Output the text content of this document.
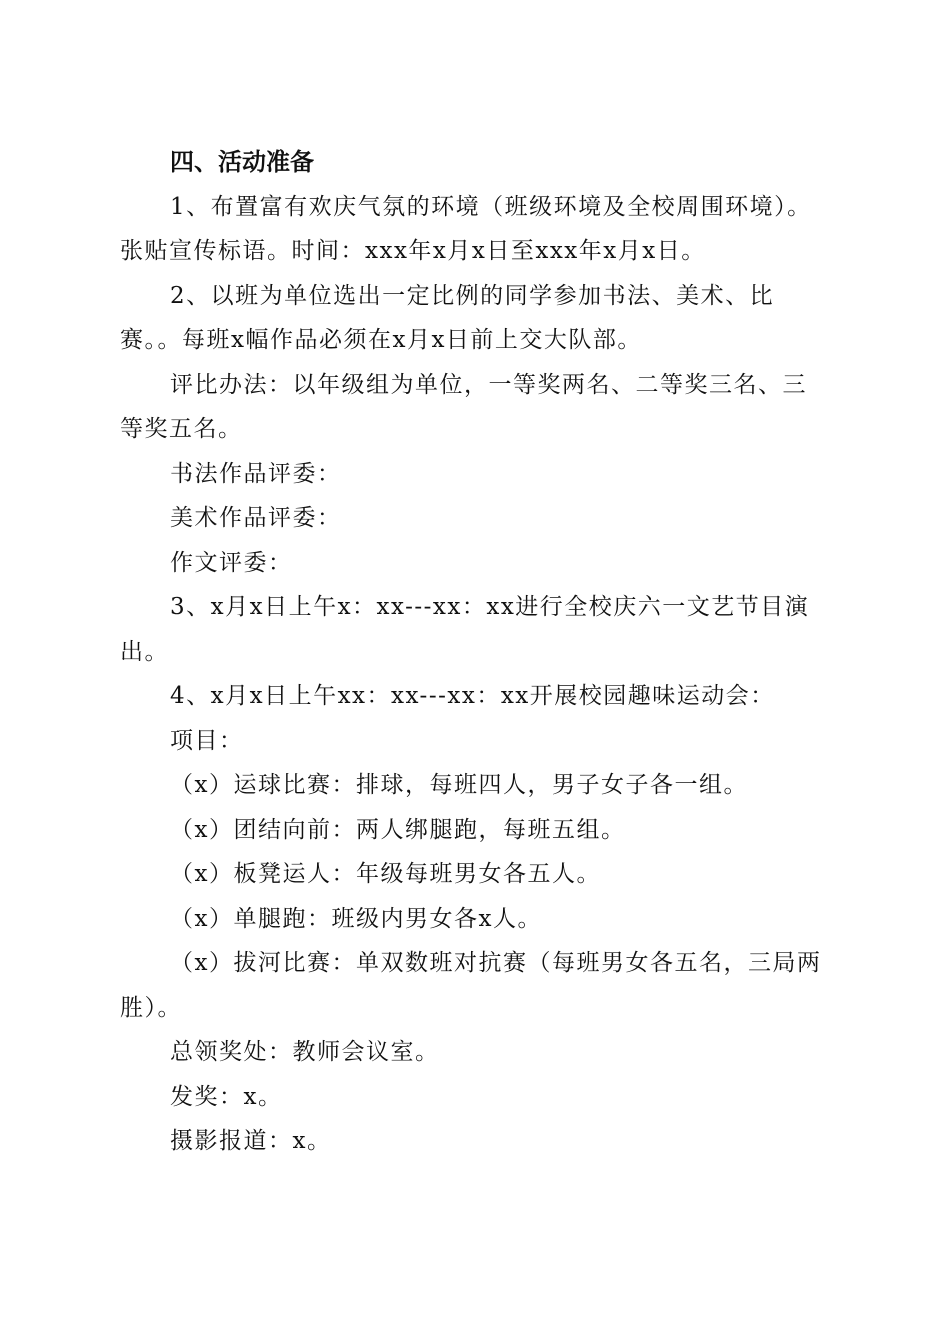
四、活动准备

1、布置富有欢庆气氛的环境（班级环境及全校周围环境）。张贴宣传标语。时间：xxx年x月x日至xxx年x月x日。

2、以班为单位选出一定比例的同学参加书法、美术、比赛。。每班x幅作品必须在x月x日前上交大队部。

评比办法：以年级组为单位，一等奖两名、二等奖三名、三等奖五名。

书法作品评委：

美术作品评委：

作文评委：

3、x月x日上午x：xx---xx：xx进行全校庆六一文艺节目演出。

4、x月x日上午xx：xx---xx：xx开展校园趣味运动会：

项目：

（x）运球比赛：排球，每班四人，男子女子各一组。

（x）团结向前：两人绑腿跑，每班五组。

（x）板凳运人：年级每班男女各五人。

（x）单腿跑：班级内男女各x人。

（x）拔河比赛：单双数班对抗赛（每班男女各五名，三局两胜）。

总领奖处：教师会议室。

发奖：x。

摄影报道：x。
